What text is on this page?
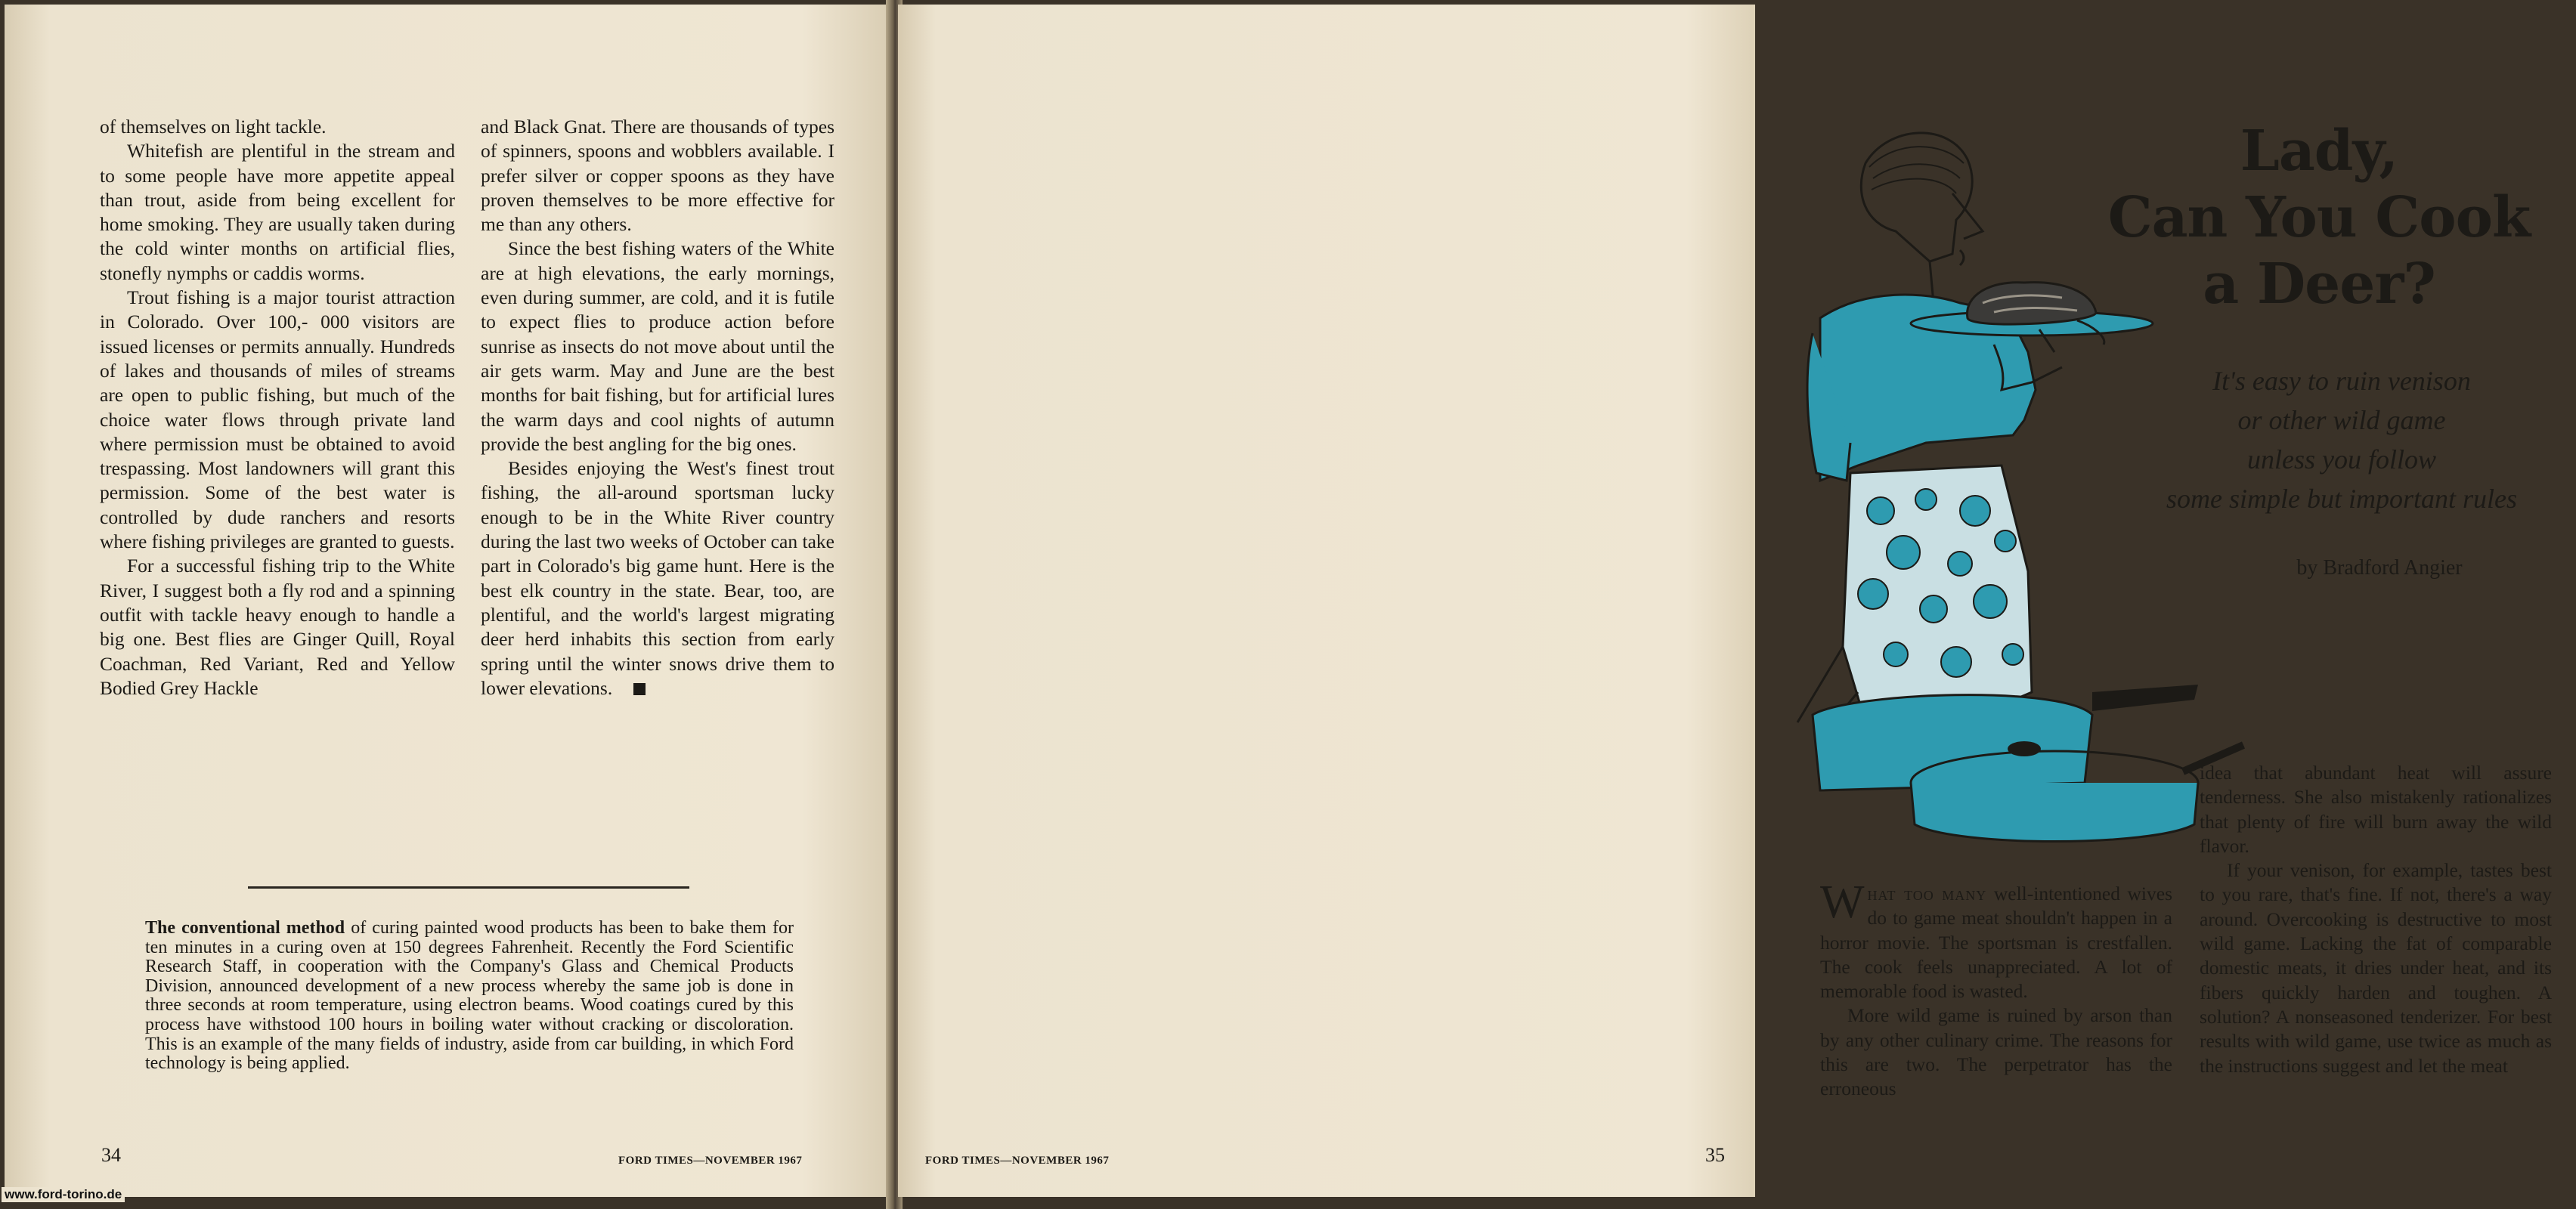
of themselves on light tackle.

Whitefish are plentiful in the stream and to some people have more appetite appeal than trout, aside from being excellent for home smoking. They are usually taken during the cold winter months on artificial flies, stonefly nymphs or caddis worms.

Trout fishing is a major tourist attraction in Colorado. Over 100,- 000 visitors are issued licenses or permits annually. Hundreds of lakes and thousands of miles of streams are open to public fishing, but much of the choice water flows through private land where permission must be obtained to avoid trespassing. Most landowners will grant this permission. Some of the best water is controlled by dude ranchers and resorts where fishing privileges are granted to guests.

For a successful fishing trip to the White River, I suggest both a fly rod and a spinning outfit with tackle heavy enough to handle a big one. Best flies are Ginger Quill, Royal Coachman, Red Variant, Red and Yellow Bodied Grey Hackle

and Black Gnat. There are thousands of types of spinners, spoons and wobblers available. I prefer silver or copper spoons as they have proven themselves to be more effective for me than any others.

Since the best fishing waters of the White are at high elevations, the early mornings, even during summer, are cold, and it is futile to expect flies to produce action before sunrise as insects do not move about until the air gets warm. May and June are the best months for bait fishing, but for artificial lures the warm days and cool nights of autumn provide the best angling for the big ones.

Besides enjoying the West's finest trout fishing, the all-around sportsman lucky enough to be in the White River country during the last two weeks of October can take part in Colorado's big game hunt. Here is the best elk country in the state. Bear, too, are plentiful, and the world's largest migrating deer herd inhabits this section from early spring until the winter snows drive them to lower elevations.

The conventional method of curing painted wood products has been to bake them for ten minutes in a curing oven at 150 degrees Fahrenheit. Recently the Ford Scientific Research Staff, in cooperation with the Company's Glass and Chemical Products Division, announced development of a new process whereby the same job is done in three seconds at room temperature, using electron beams. Wood coatings cured by this process have withstood 100 hours in boiling water without cracking or discoloration. This is an example of the many fields of industry, aside from car building, in which Ford technology is being applied.
34	FORD TIMES—NOVEMBER 1967
Lady,
Can You Cook
a Deer?
It's easy to ruin venison
or other wild game
unless you follow
some simple but important rules
by Bradford Angier

idea that abundant heat will assure tenderness. She also mistakenly rationalizes that plenty of fire will burn away the wild flavor.

If your venison, for example, tastes best to you rare, that's fine. If not, there's a way around. Overcooking is destructive to most wild game. Lacking the fat of comparable domestic meats, it dries under heat, and its fibers quickly harden and toughen. A solution? A nonseasoned tenderizer. For best results with wild game, use twice as much as the instructions suggest and let the meat

What too many well-intentioned wives do to game meat shouldn't happen in a horror movie. The sportsman is crestfallen. The cook feels unappreciated. A lot of memorable food is wasted.

More wild game is ruined by arson than by any other culinary crime. The reasons for this are two. The perpetrator has the erroneous

FORD TIMES—NOVEMBER 1967	35
www.ford-torino.de
